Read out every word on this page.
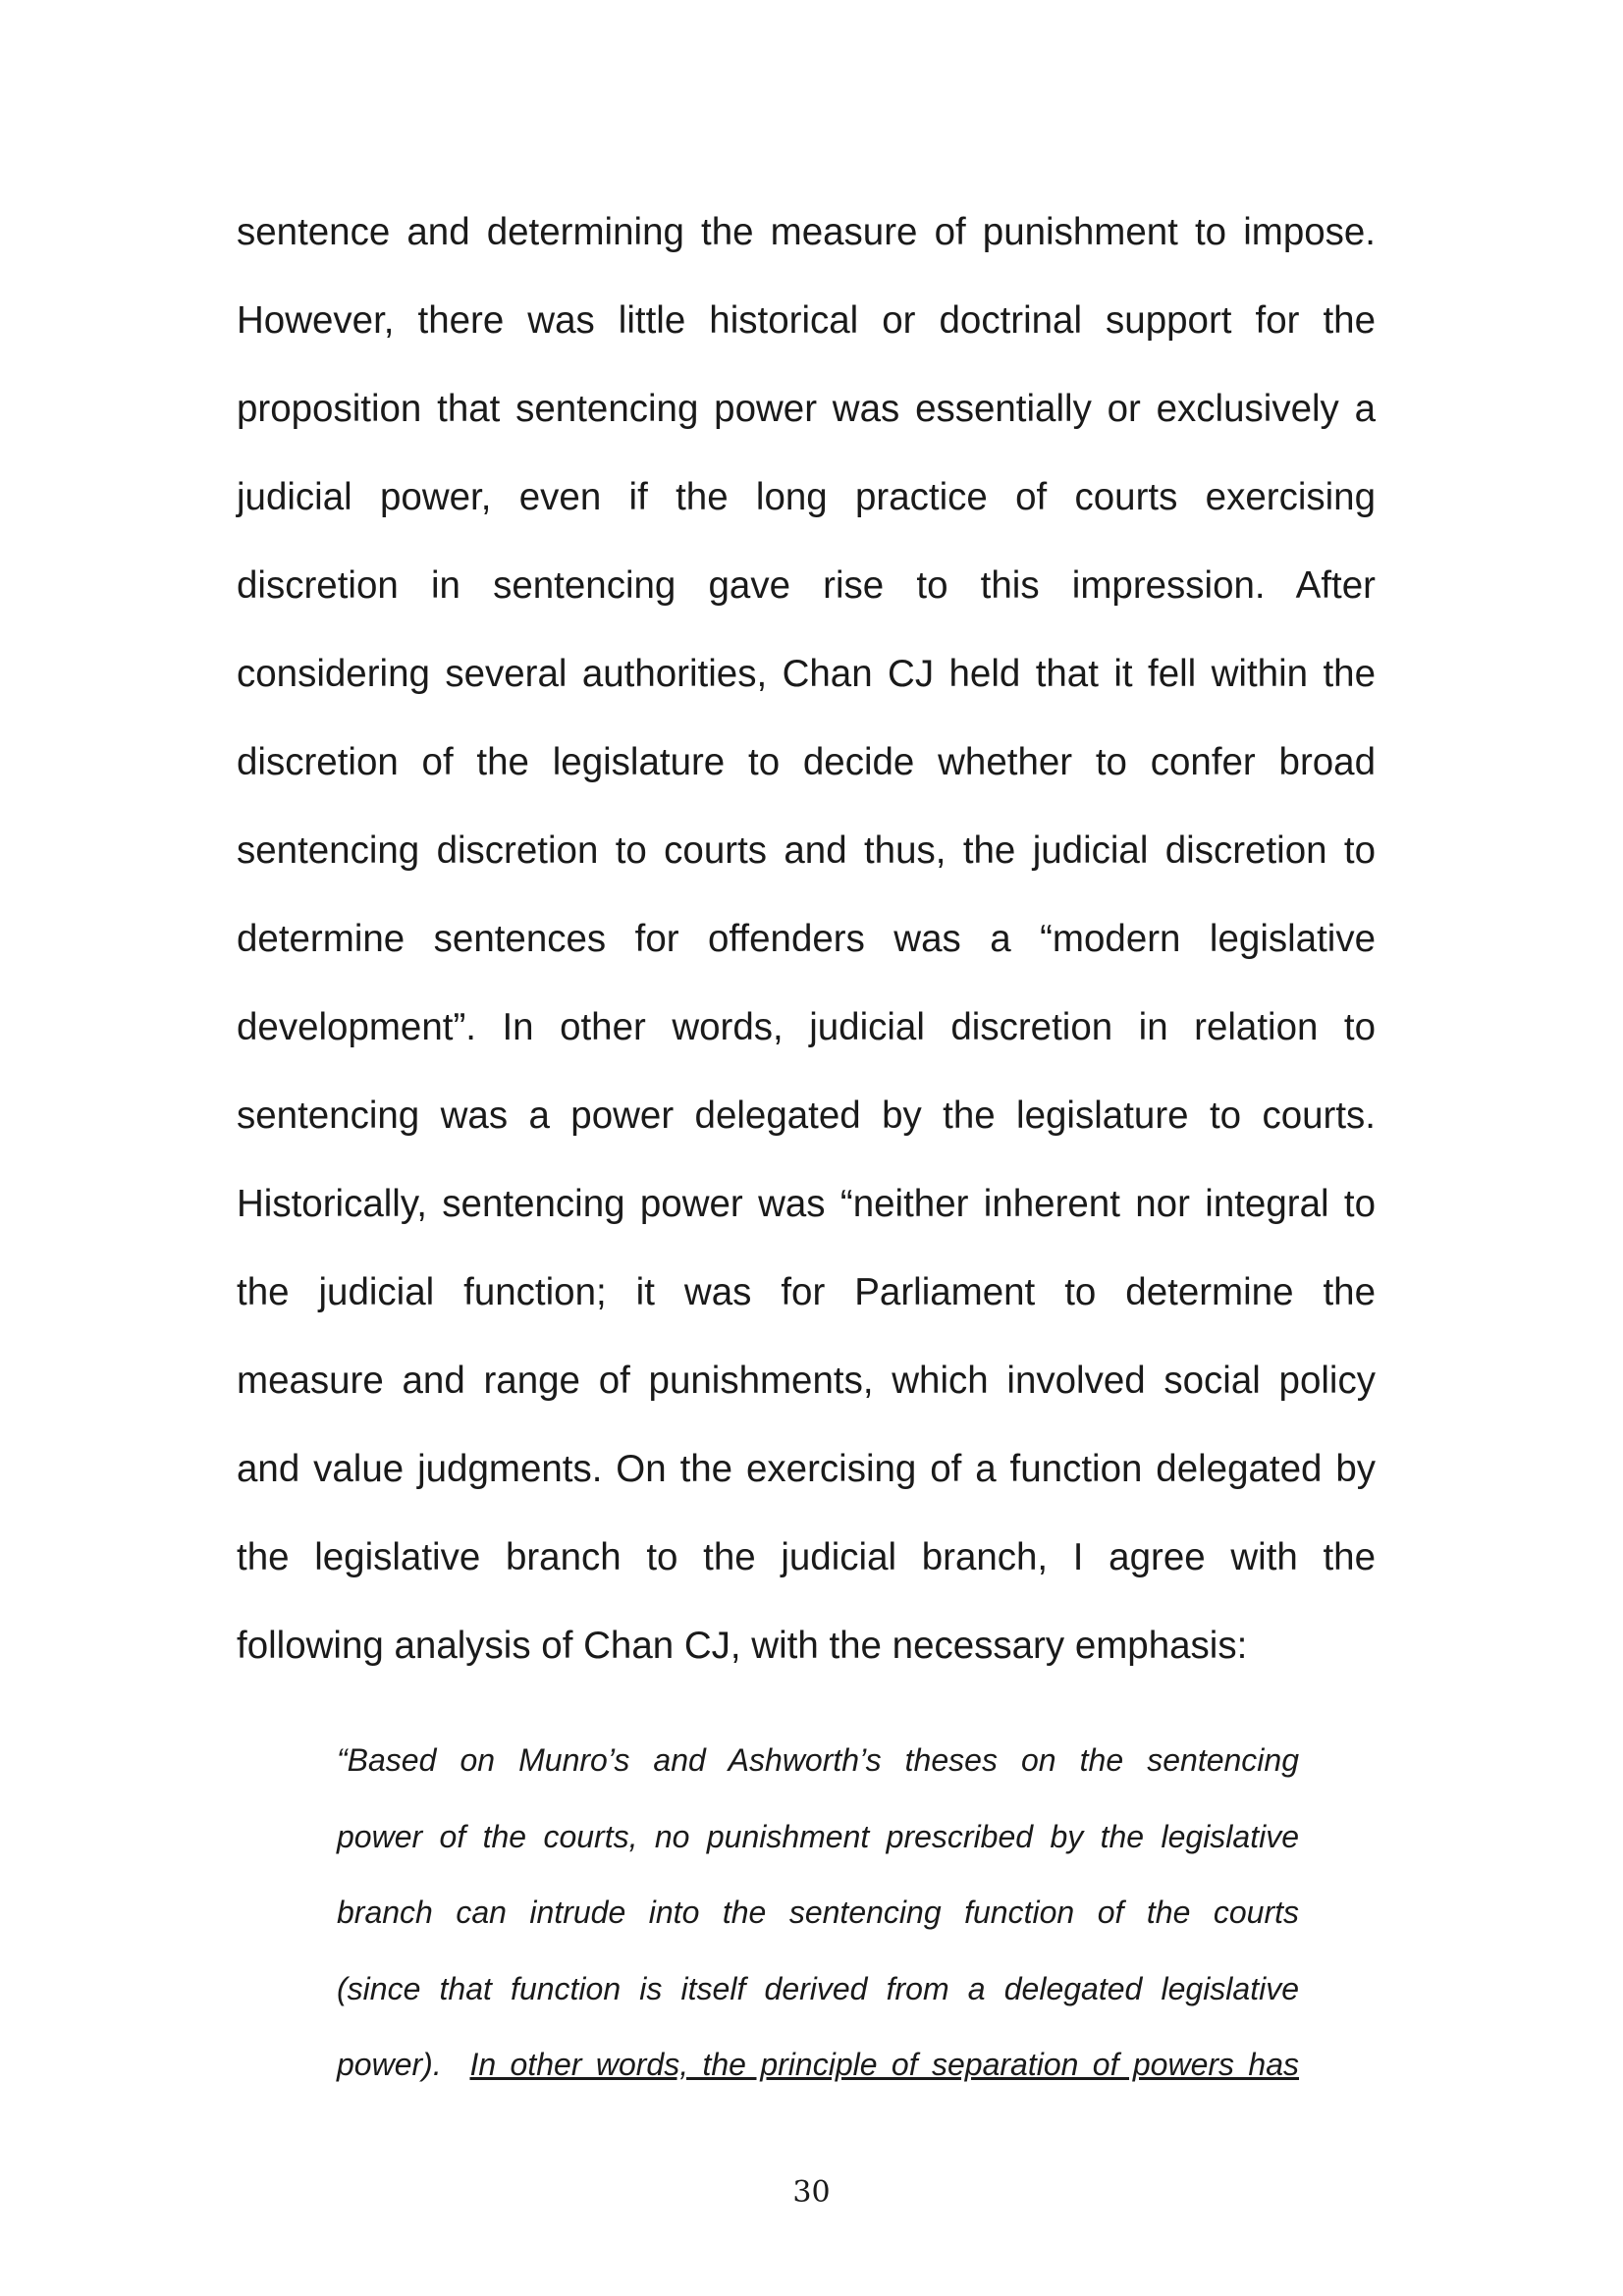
sentence and determining the measure of punishment to impose.
However, there was little historical or doctrinal support for the
proposition that sentencing power was essentially or exclusively a
judicial power, even if the long practice of courts exercising
discretion in sentencing gave rise to this impression. After
considering several authorities, Chan CJ held that it fell within the
discretion of the legislature to decide whether to confer broad
sentencing discretion to courts and thus, the judicial discretion to
determine sentences for offenders was a “modern legislative
development”. In other words, judicial discretion in relation to
sentencing was a power delegated by the legislature to courts.
Historically, sentencing power was “neither inherent nor integral to
the judicial function; it was for Parliament to determine the
measure and range of punishments, which involved social policy
and value judgments. On the exercising of a function delegated by
the legislative branch to the judicial branch, I agree with the
following analysis of Chan CJ, with the necessary emphasis:
“Based on Munro’s and Ashworth’s theses on the sentencing
power of the courts, no punishment prescribed by the legislative
branch can intrude into the sentencing function of the courts
(since that function is itself derived from a delegated legislative
power).  In other words, the principle of separation of powers has
30
